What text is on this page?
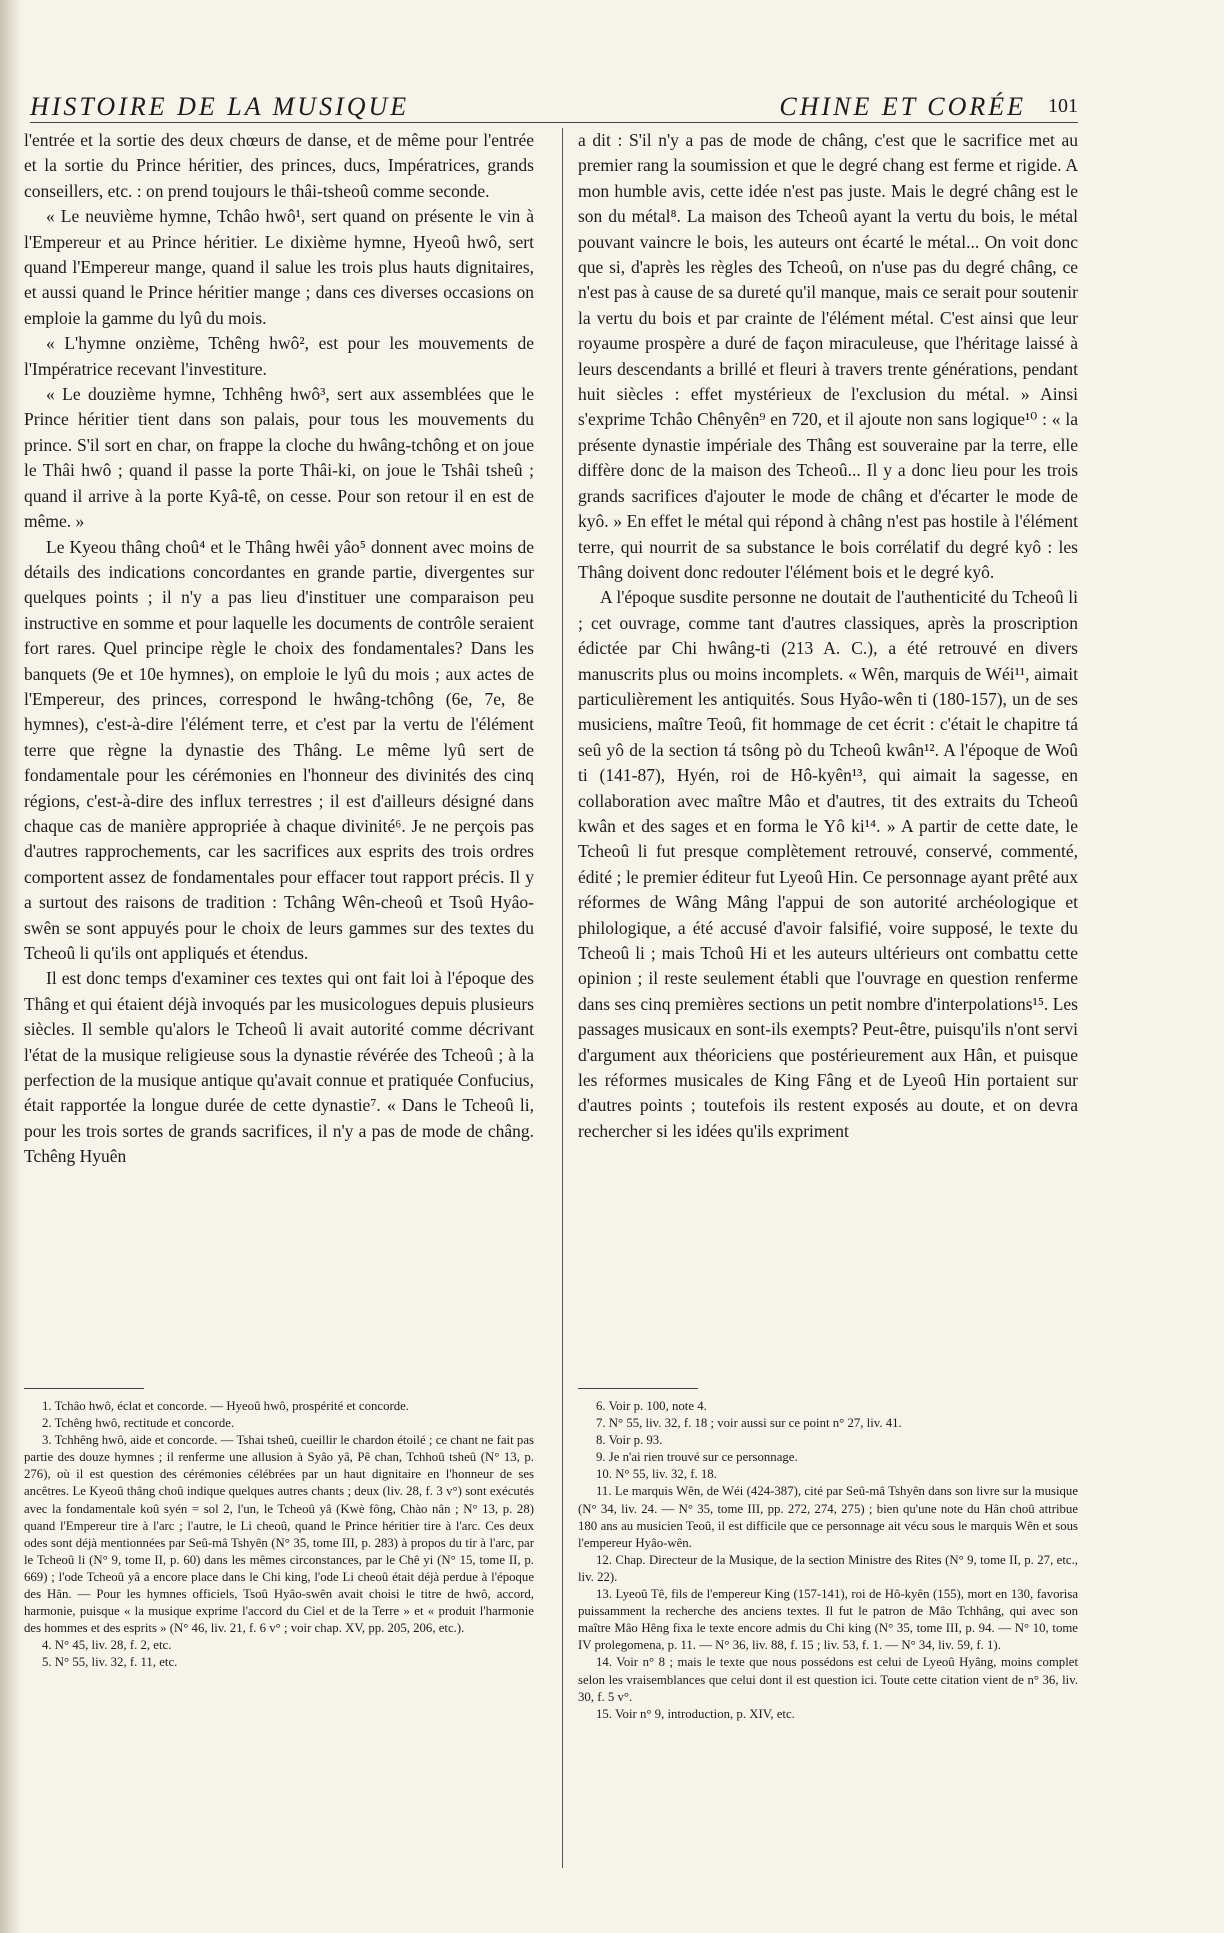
HISTOIRE DE LA MUSIQUE	CHINE ET CORÉE 101

l'entrée et la sortie des deux chœurs de danse, et de même pour l'entrée et la sortie du Prince héritier, des princes, ducs, Impératrices, grands conseillers, etc. : on prend toujours le thâi-tsheoû comme seconde.

« Le neuvième hymne, Tchâo hwô¹, sert quand on présente le vin à l'Empereur et au Prince héritier. Le dixième hymne, Hyeoû hwô, sert quand l'Empereur mange, quand il salue les trois plus hauts dignitaires, et aussi quand le Prince héritier mange ; dans ces diverses occasions on emploie la gamme du lyû du mois.

« L'hymne onzième, Tchêng hwô², est pour les mouvements de l'Impératrice recevant l'investiture.

« Le douzième hymne, Tchhêng hwô³, sert aux assemblées que le Prince héritier tient dans son palais, pour tous les mouvements du prince. S'il sort en char, on frappe la cloche du hwâng-tchông et on joue le Thâi hwô ; quand il passe la porte Thâi-ki, on joue le Tshâi tsheû ; quand il arrive à la porte Kyâ-tê, on cesse. Pour son retour il en est de même. »

Le Kyeou thâng choû⁴ et le Thâng hwêi yâo⁵ donnent avec moins de détails des indications concordantes en grande partie, divergentes sur quelques points ; il n'y a pas lieu d'instituer une comparaison peu instructive en somme et pour laquelle les documents de contrôle seraient fort rares. Quel principe règle le choix des fondamentales? Dans les banquets (9e et 10e hymnes), on emploie le lyû du mois ; aux actes de l'Empereur, des princes, correspond le hwâng-tchông (6e, 7e, 8e hymnes), c'est-à-dire l'élément terre, et c'est par la vertu de l'élément terre que règne la dynastie des Thâng. Le même lyû sert de fondamentale pour les cérémonies en l'honneur des divinités des cinq régions, c'est-à-dire des influx terrestres ; il est d'ailleurs désigné dans chaque cas de manière appropriée à chaque divinité⁶. Je ne perçois pas d'autres rapprochements, car les sacrifices aux esprits des trois ordres comportent assez de fondamentales pour effacer tout rapport précis. Il y a surtout des raisons de tradition : Tchâng Wên-cheoû et Tsoû Hyâo-swên se sont appuyés pour le choix de leurs gammes sur des textes du Tcheoû li qu'ils ont appliqués et étendus.

Il est donc temps d'examiner ces textes qui ont fait loi à l'époque des Thâng et qui étaient déjà invoqués par les musicologues depuis plusieurs siècles. Il semble qu'alors le Tcheoû li avait autorité comme décrivant l'état de la musique religieuse sous la dynastie révérée des Tcheoû ; à la perfection de la musique antique qu'avait connue et pratiquée Confucius, était rapportée la longue durée de cette dynastie⁷. « Dans le Tcheoû li, pour les trois sortes de grands sacrifices, il n'y a pas de mode de châng. Tchêng Hyuên

a dit : S'il n'y a pas de mode de châng, c'est que le sacrifice met au premier rang la soumission et que le degré chang est ferme et rigide. A mon humble avis, cette idée n'est pas juste. Mais le degré châng est le son du métal⁸. La maison des Tcheoû ayant la vertu du bois, le métal pouvant vaincre le bois, les auteurs ont écarté le métal... On voit donc que si, d'après les règles des Tcheoû, on n'use pas du degré châng, ce n'est pas à cause de sa dureté qu'il manque, mais ce serait pour soutenir la vertu du bois et par crainte de l'élément métal. C'est ainsi que leur royaume prospère a duré de façon miraculeuse, que l'héritage laissé à leurs descendants a brillé et fleuri à travers trente générations, pendant huit siècles : effet mystérieux de l'exclusion du métal. » Ainsi s'exprime Tchâo Chênyên⁹ en 720, et il ajoute non sans logique¹⁰ : « la présente dynastie impériale des Thâng est souveraine par la terre, elle diffère donc de la maison des Tcheoû... Il y a donc lieu pour les trois grands sacrifices d'ajouter le mode de châng et d'écarter le mode de kyô. » En effet le métal qui répond à châng n'est pas hostile à l'élément terre, qui nourrit de sa substance le bois corrélatif du degré kyô : les Thâng doivent donc redouter l'élément bois et le degré kyô.

A l'époque susdite personne ne doutait de l'authenticité du Tcheoû li ; cet ouvrage, comme tant d'autres classiques, après la proscription édictée par Chi hwâng-ti (213 A. C.), a été retrouvé en divers manuscrits plus ou moins incomplets. « Wên, marquis de Wéi¹¹, aimait particulièrement les antiquités. Sous Hyâo-wên ti (180-157), un de ses musiciens, maître Teoû, fit hommage de cet écrit : c'était le chapitre tá seû yô de la section tá tsông pò du Tcheoû kwân¹². A l'époque de Woû ti (141-87), Hyén, roi de Hô-kyên¹³, qui aimait la sagesse, en collaboration avec maître Mâo et d'autres, tit des extraits du Tcheoû kwân et des sages et en forma le Yô ki¹⁴. » A partir de cette date, le Tcheoû li fut presque complètement retrouvé, conservé, commenté, édité ; le premier éditeur fut Lyeoû Hin. Ce personnage ayant prêté aux réformes de Wâng Mâng l'appui de son autorité archéologique et philologique, a été accusé d'avoir falsifié, voire supposé, le texte du Tcheoû li ; mais Tchoû Hi et les auteurs ultérieurs ont combattu cette opinion ; il reste seulement établi que l'ouvrage en question renferme dans ses cinq premières sections un petit nombre d'interpolations¹⁵. Les passages musicaux en sont-ils exempts? Peut-être, puisqu'ils n'ont servi d'argument aux théoriciens que postérieurement aux Hân, et puisque les réformes musicales de King Fâng et de Lyeoû Hin portaient sur d'autres points ; toutefois ils restent exposés au doute, et on devra rechercher si les idées qu'ils expriment

1. Tchâo hwô, éclat et concorde. — Hyeoû hwô, prospérité et concorde.

2. Tchêng hwô, rectitude et concorde.

3. Tchhêng hwô, aide et concorde. — Tshai tsheû, cueillir le chardon étoilé ; ce chant ne fait pas partie des douze hymnes ; il renferme une allusion à Syâo yâ, Pê chan, Tchhoû tsheû (N° 13, p. 276), où il est question des cérémonies célébrées par un haut dignitaire en l'honneur de ses ancêtres. Le Kyeoû thâng choû indique quelques autres chants ; deux (liv. 28, f. 3 v°) sont exécutés avec la fondamentale koû syén = sol 2, l'un, le Tcheoû yâ (Kwè fông, Chào nân ; N° 13, p. 28) quand l'Empereur tire à l'arc ; l'autre, le Li cheoû, quand le Prince héritier tire à l'arc. Ces deux odes sont déjà mentionnées par Seû-mâ Tshyên (N° 35, tome III, p. 283) à propos du tir à l'arc, par le Tcheoû li (N° 9, tome II, p. 60) dans les mêmes circonstances, par le Chê yi (N° 15, tome II, p. 669) ; l'ode Tcheoû yâ a encore place dans le Chi king, l'ode Li cheoû était déjà perdue à l'époque des Hân. — Pour les hymnes officiels, Tsoû Hyâo-swên avait choisi le titre de hwô, accord, harmonie, puisque « la musique exprime l'accord du Ciel et de la Terre » et « produit l'harmonie des hommes et des esprits » (N° 46, liv. 21, f. 6 v° ; voir chap. XV, pp. 205, 206, etc.).

4. N° 45, liv. 28, f. 2, etc.

5. N° 55, liv. 32, f. 11, etc.

6. Voir p. 100, note 4.

7. N° 55, liv. 32, f. 18 ; voir aussi sur ce point n° 27, liv. 41.

8. Voir p. 93.

9. Je n'ai rien trouvé sur ce personnage.

10. N° 55, liv. 32, f. 18.

11. Le marquis Wên, de Wéi (424-387), cité par Seû-mâ Tshyên dans son livre sur la musique (N° 34, liv. 24. — N° 35, tome III, pp. 272, 274, 275) ; bien qu'une note du Hân choû attribue 180 ans au musicien Teoû, il est difficile que ce personnage ait vécu sous le marquis Wên et sous l'empereur Hyâo-wên.

12. Chap. Directeur de la Musique, de la section Ministre des Rites (N° 9, tome II, p. 27, etc., liv. 22).

13. Lyeoû Tê, fils de l'empereur King (157-141), roi de Hô-kyên (155), mort en 130, favorisa puissamment la recherche des anciens textes. Il fut le patron de Mâo Tchhâng, qui avec son maître Mâo Hêng fixa le texte encore admis du Chi king (N° 35, tome III, p. 94. — N° 10, tome IV prolegomena, p. 11. — N° 36, liv. 88, f. 15 ; liv. 53, f. 1. — N° 34, liv. 59, f. 1).

14. Voir n° 8 ; mais le texte que nous possédons est celui de Lyeoû Hyâng, moins complet selon les vraisemblances que celui dont il est question ici. Toute cette citation vient de n° 36, liv. 30, f. 5 v°.

15. Voir n° 9, introduction, p. XIV, etc.
